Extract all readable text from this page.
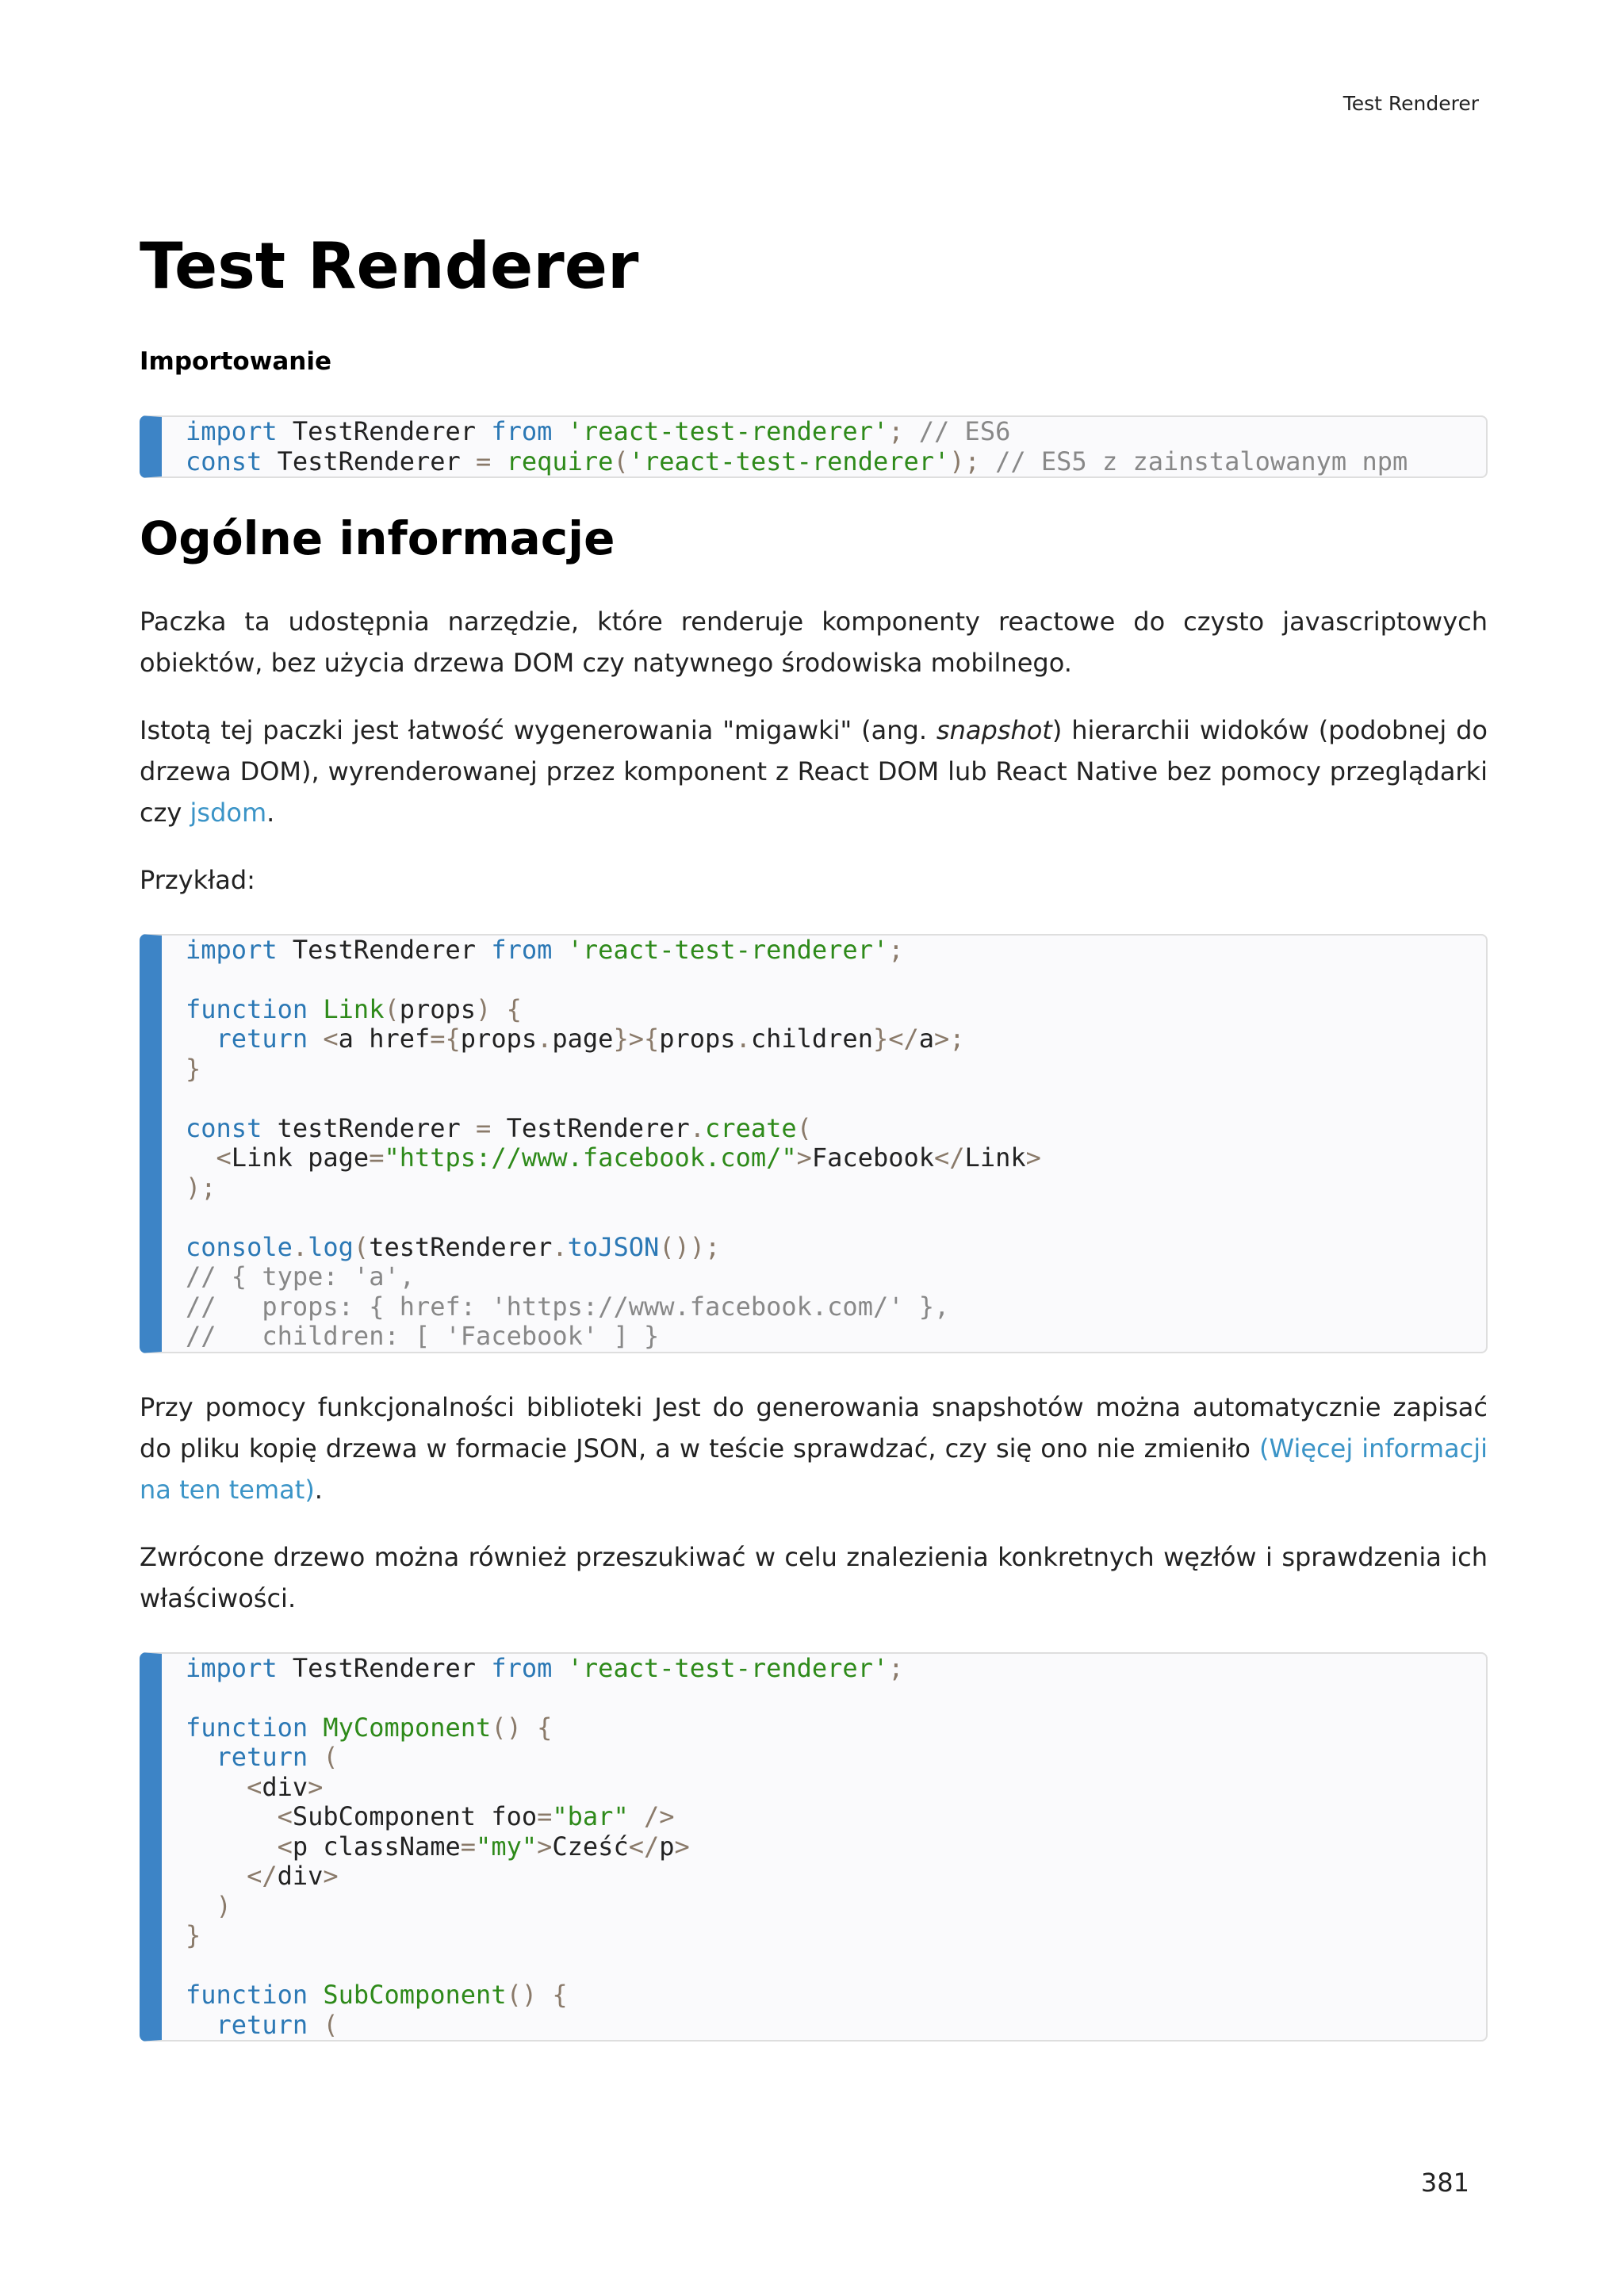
Test Renderer
Test Renderer
Importowanie
import TestRenderer from 'react-test-renderer'; // ES6
const TestRenderer = require('react-test-renderer'); // ES5 z zainstalowanym npm
Ogólne informacje

Paczka ta udostępnia narzędzie, które renderuje komponenty reactowe do czysto javascriptowych obiektów, bez użycia drzewa DOM czy natywnego środowiska mobilnego.

Istotą tej paczki jest łatwość wygenerowania "migawki" (ang. snapshot) hierarchii widoków (podobnej do drzewa DOM), wyrenderowanej przez komponent z React DOM lub React Native bez pomocy przeglądarki czy jsdom.

Przykład:

import TestRenderer from 'react-test-renderer';

function Link(props) {
return <a href={props.page}>{props.children}</a>;
}

const testRenderer = TestRenderer.create(
<Link page="https://www.facebook.com/">Facebook</Link>
);

console.log(testRenderer.toJSON());
// { type: 'a',
//   props: { href: 'https://www.facebook.com/' },
//   children: [ 'Facebook' ] }

Przy pomocy funkcjonalności biblioteki Jest do generowania snapshotów można automatycznie zapisać do pliku kopię drzewa w formacie JSON, a w teście sprawdzać, czy się ono nie zmieniło (Więcej informacji na ten temat).

Zwrócone drzewo można również przeszukiwać w celu znalezienia konkretnych węzłów i sprawdzenia ich właściwości.

import TestRenderer from 'react-test-renderer';

function MyComponent() {
return (
<div>
<SubComponent foo="bar" />
<p className="my">Cześć</p>
</div>
)
}

function SubComponent() {
return (
381
